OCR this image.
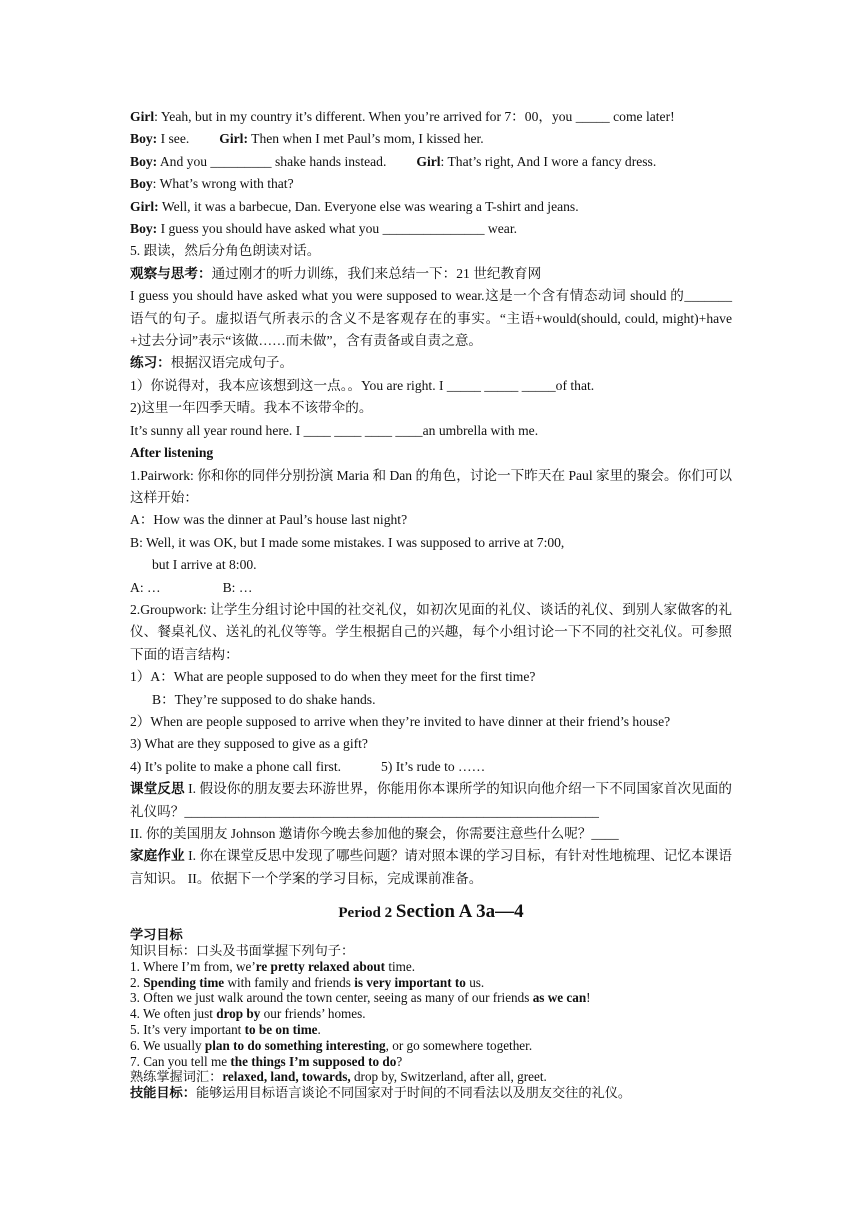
Girl: Yeah, but in my country it’s different. When you’re arrived for 7：00，you _____ come later!
Boy: I see. Girl: Then when I met Paul’s mom, I kissed her.
Boy: And you _________ shake hands instead. Girl: That’s right, And I wore a fancy dress.
Boy: What’s wrong with that?
Girl: Well, it was a barbecue, Dan. Everyone else was wearing a T-shirt and jeans.
Boy: I guess you should have asked what you _______________ wear.
5. 跟读，然后分角色朗读对话。
观察与思考：通过刚才的听力训练，我们来总结一下：21 世纪教育网
I guess you should have asked what you were supposed to wear.这是一个含有情态动词 should 的_______ 语气的句子。虚拟语气所表示的含义不是客观存在的事实。“主语+would(should, could, might)+have +过去分词”表示“该做……而未做”，含有责备或自责之意。
练习：根据汉语完成句子。
1）你说得对，我本应该想到这一点。。You are right. I _____ _____ _____of that.
2)这里一年四季天晴。我本不该带伞的。
It’s sunny all year round here. I ____ ____ ____ ____an umbrella with me.
After listening
1.Pairwork: 你和你的同伴分别扮演 Maria 和 Dan 的角色，讨论一下昨天在 Paul 家里的聚会。你们可以这样开始：
A：How was the dinner at Paul’s house last night?
B: Well, it was OK, but I made some mistakes. I was supposed to arrive at 7:00,
but I arrive at 8:00.
A: …	B: …
2.Groupwork: 让学生分组讨论中国的社交礼仪，如初次见面的礼仪、谈话的礼仪、到别人家做客的礼仪、餐桌礼仪、送礼的礼仪等等。学生根据自己的兴趣，每个小组讨论一下不同的社交礼仪。可参照下面的语言结构：
1）A：What are people supposed to do when they meet for the first time?
B：They’re supposed to do shake hands.
2）When are people supposed to arrive when they’re invited to have dinner at their friend’s house?
3) What are they supposed to give as a gift?
4) It’s polite to make a phone call first.	5) It’s rude to ……
课堂反思 I. 假设你的朋友要去环游世界，你能用你本课所学的知识向他介绍一下不同国家首次见面的礼仪吗？_____________________________________________________________
II. 你的美国朋友 Johnson 邀请你今晚去参加他的聚会，你需要注意些什么呢？____
家庭作业 I. 你在课堂反思中发现了哪些问题？请对照本课的学习目标，有针对性地梳理、记忆本课语言知识。 II。依据下一个学案的学习目标，完成课前准备。
Period 2 Section A 3a—4
学习目标
知识目标：口头及书面掌握下列句子：
1. Where I’m from, we’re pretty relaxed about time.
2. Spending time with family and friends is very important to us.
3. Often we just walk around the town center, seeing as many of our friends as we can!
4. We often just drop by our friends’ homes.
5. It’s very important to be on time.
6. We usually plan to do something interesting, or go somewhere together.
7. Can you tell me the things I’m supposed to do?
熟练掌握词汇：relaxed, land, towards, drop by, Switzerland, after all, greet.
技能目标：能够运用目标语言谈论不同国家对于时间的不同看法以及朋友交往的礼仪。
